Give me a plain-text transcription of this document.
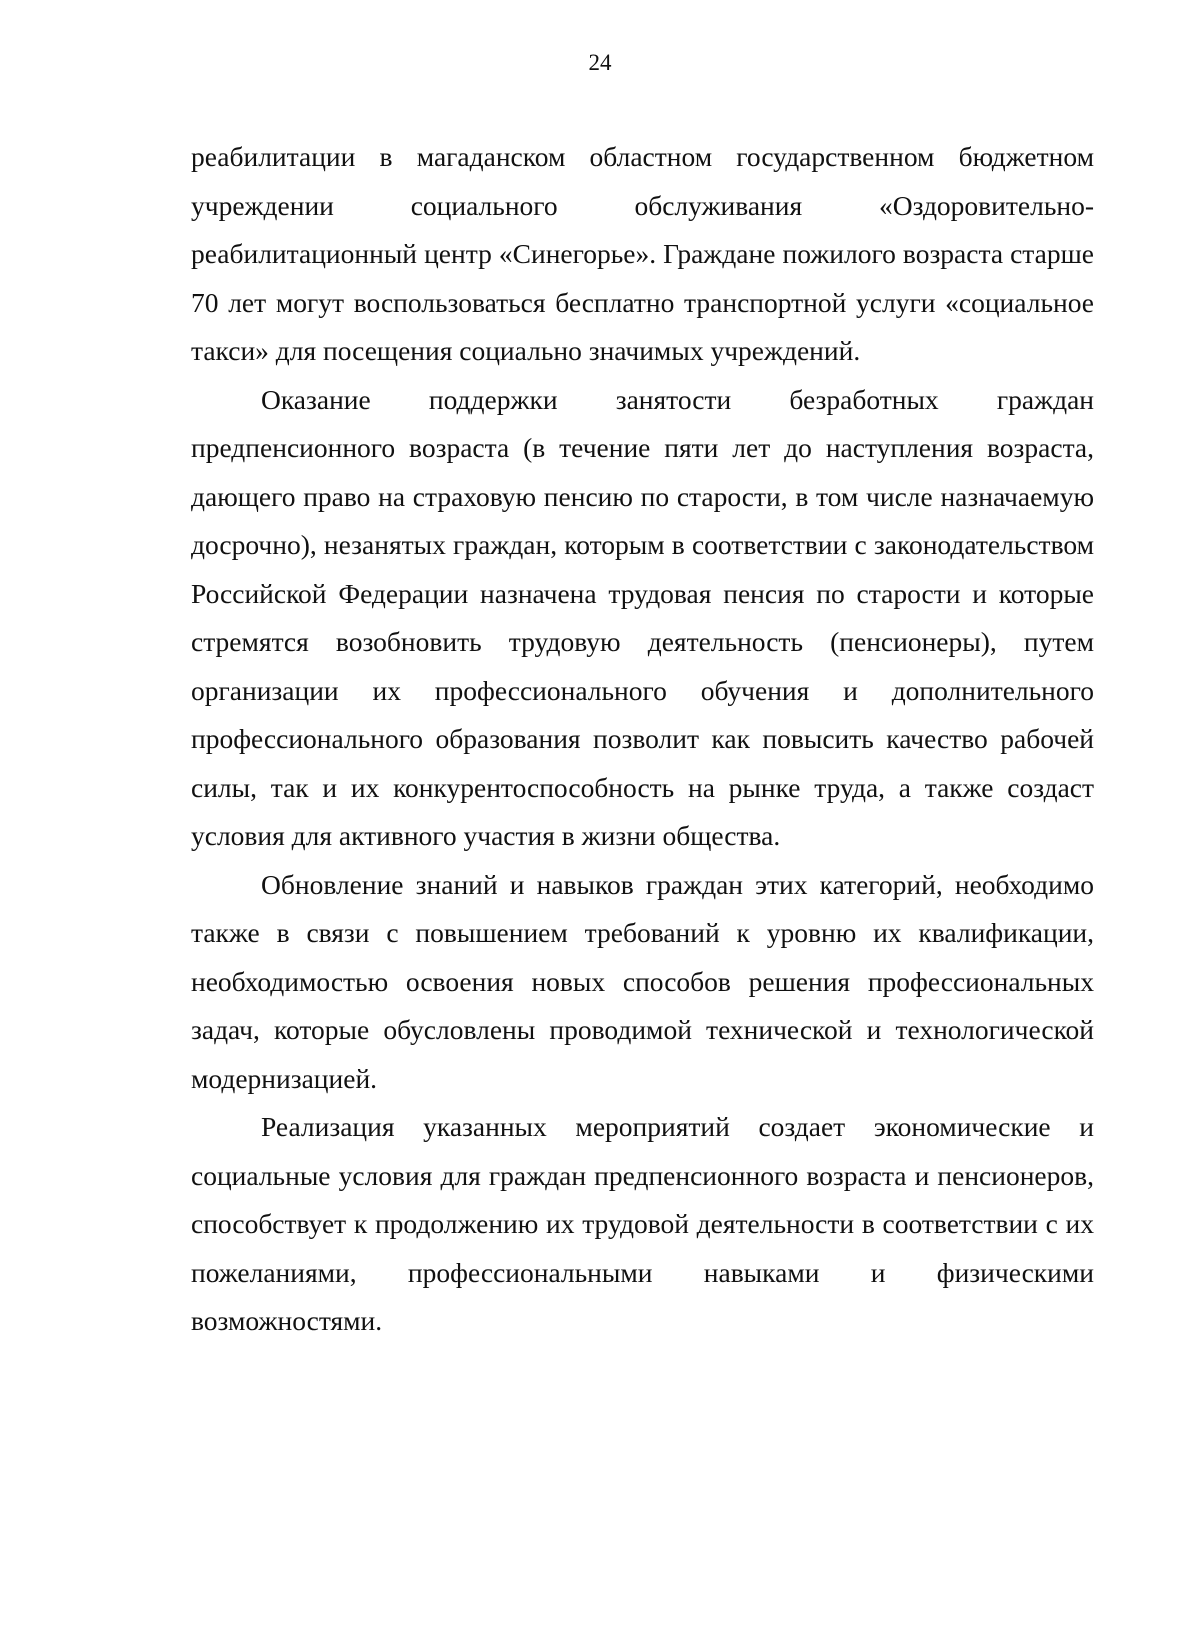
24

реабилитации в магаданском областном государственном бюджетном учреждении социального обслуживания «Оздоровительно-реабилитационный центр «Синегорье». Граждане пожилого возраста старше 70 лет могут воспользоваться бесплатно транспортной услуги «социальное такси» для посещения социально значимых учреждений.

Оказание поддержки занятости безработных граждан предпенсионного возраста (в течение пяти лет до наступления возраста, дающего право на страховую пенсию по старости, в том числе назначаемую досрочно), незанятых граждан, которым в соответствии с законодательством Российской Федерации назначена трудовая пенсия по старости и которые стремятся возобновить трудовую деятельность (пенсионеры), путем организации их профессионального обучения и дополнительного профессионального образования позволит как повысить качество рабочей силы, так и их конкурентоспособность на рынке труда, а также создаст условия для активного участия в жизни общества.

Обновление знаний и навыков граждан этих категорий, необходимо также в связи с повышением требований к уровню их квалификации, необходимостью освоения новых способов решения профессиональных задач, которые обусловлены проводимой технической и технологической модернизацией.

Реализация указанных мероприятий создает экономические и социальные условия для граждан предпенсионного возраста и пенсионеров, способствует к продолжению их трудовой деятельности в соответствии с их пожеланиями, профессиональными навыками и физическими возможностями.
